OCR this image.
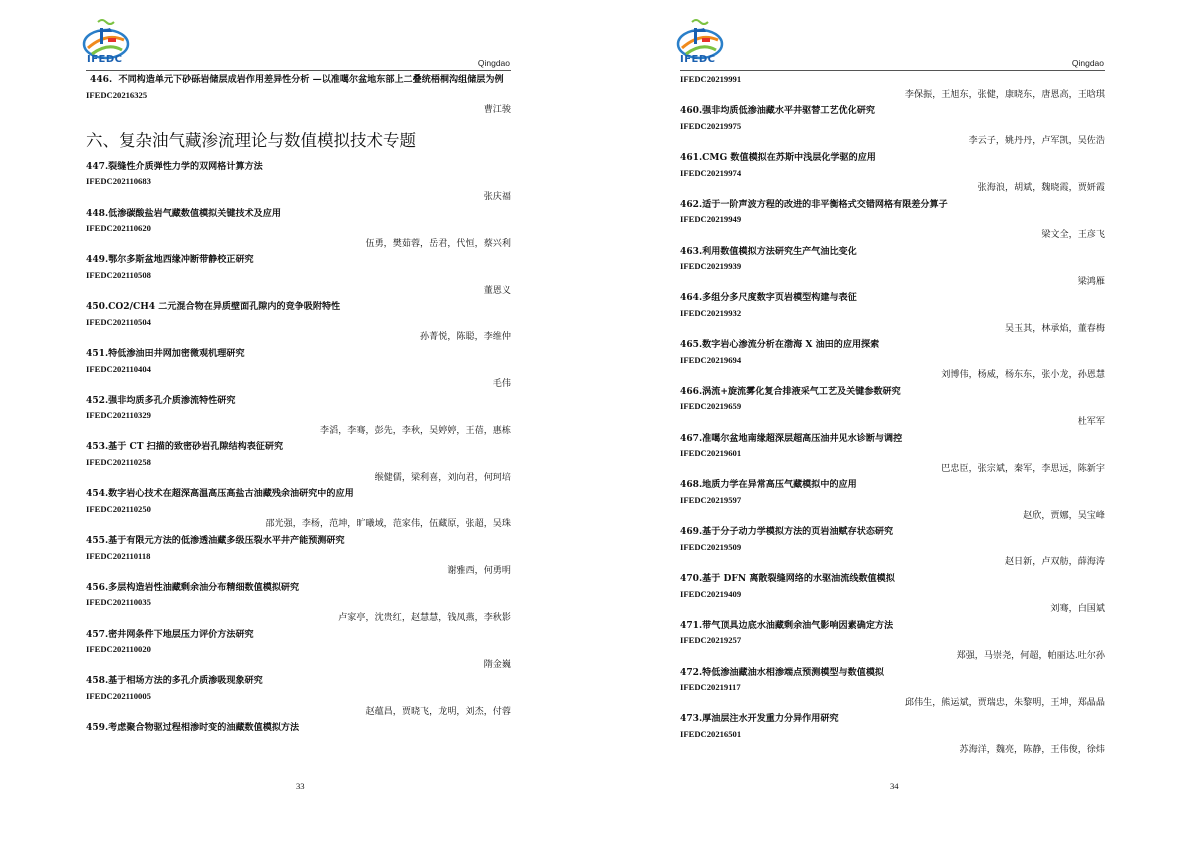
IFEDC	Qingdao
446.  不同构造单元下砂砾岩储层成岩作用差异性分析 —以准噶尔盆地东部上二叠统梧桐沟组储层为例
IFEDC20216325
曹江骏
六、复杂油气藏渗流理论与数值模拟技术专题
447.裂缝性介质弹性力学的双网格计算方法
IFEDC202110683
张庆福
448.低渗碳酸盐岩气藏数值模拟关键技术及应用
IFEDC202110620
伍勇，樊茹蓉，岳君，代恒，蔡兴利
449.鄂尔多斯盆地西缘冲断带静校正研究
IFEDC202110508
董恩义
450.CO2/CH4 二元混合物在异质壁面孔隙内的竞争吸附特性
IFEDC202110504
孙菁悦，陈聪，李维仲
451.特低渗油田井网加密微观机理研究
IFEDC202110404
毛伟
452.强非均质多孔介质渗流特性研究
IFEDC202110329
李滔，李骞，彭先，李秋，吴婷婷，王蓓，惠栋
453.基于 CT 扫描的致密砂岩孔隙结构表征研究
IFEDC202110258
缑健儒，梁利喜，刘向君，何珂培
454.数字岩心技术在超深高温高压高盐古油藏残余油研究中的应用
IFEDC202110250
邵光强，李杨，范坤，旷曦域，范家伟，伍藏原，张超，吴珠
455.基于有限元方法的低渗透油藏多级压裂水平井产能预测研究
IFEDC202110118
谢雅西，何勇明
456.多层构造岩性油藏剩余油分布精细数值模拟研究
IFEDC202110035
卢家亭，沈贵红，赵慧慧，钱凤燕，李秋影
457.密井网条件下地层压力评价方法研究
IFEDC202110020
隋金巍
458.基于相场方法的多孔介质渗吸现象研究
IFEDC202110005
赵蕴昌，贾晓飞，龙明，刘杰，付蓉
459.考虑聚合物驱过程相渗时变的油藏数值模拟方法
33
IFEDC	Qingdao
IFEDC20219991
李保振，王旭东，张健，康晓东，唐恩高，王晗琪
460.强非均质低渗油藏水平井驱替工艺优化研究
IFEDC20219975
李云子，姚丹丹，卢军凯，吴佐浩
461.CMG 数值模拟在苏斯中浅层化学驱的应用
IFEDC20219974
张海浪，胡斌，魏晓霞，贾妍霞
462.适于一阶声波方程的改进的非平衡格式交错网格有限差分算子
IFEDC20219949
梁文全，王彦飞
463.利用数值模拟方法研究生产气油比变化
IFEDC20219939
梁鸿雁
464.多组分多尺度数字页岩模型构建与表征
IFEDC20219932
吴玉其，林承焰，董春梅
465.数字岩心渗流分析在渤海 X 油田的应用探索
IFEDC20219694
刘博伟，杨威，杨东东，张小龙，孙恩慧
466.涡流+旋流雾化复合排液采气工艺及关键参数研究
IFEDC20219659
杜军军
467.准噶尔盆地南缘超深层超高压油井见水诊断与调控
IFEDC20219601
巴忠臣，张宗斌，秦军，李思远，陈新宇
468.地质力学在异常高压气藏模拟中的应用
IFEDC20219597
赵欣，贾娜，吴宝峰
469.基于分子动力学模拟方法的页岩油赋存状态研究
IFEDC20219509
赵日新，卢双舫，薛海涛
470.基于 DFN 离散裂缝网络的水驱油流线数值模拟
IFEDC20219409
刘骞，白国斌
471.带气顶具边底水油藏剩余油气影响因素确定方法
IFEDC20219257
郑强，马崇尧，何超，帕丽达.吐尔孙
472.特低渗油藏油水相渗端点预测模型与数值模拟
IFEDC20219117
邱伟生，熊运斌，贾瑞忠，朱黎明，王坤，郑晶晶
473.厚油层注水开发重力分异作用研究
IFEDC20216501
苏海洋，魏亮，陈静，王伟俊，徐炜
34
